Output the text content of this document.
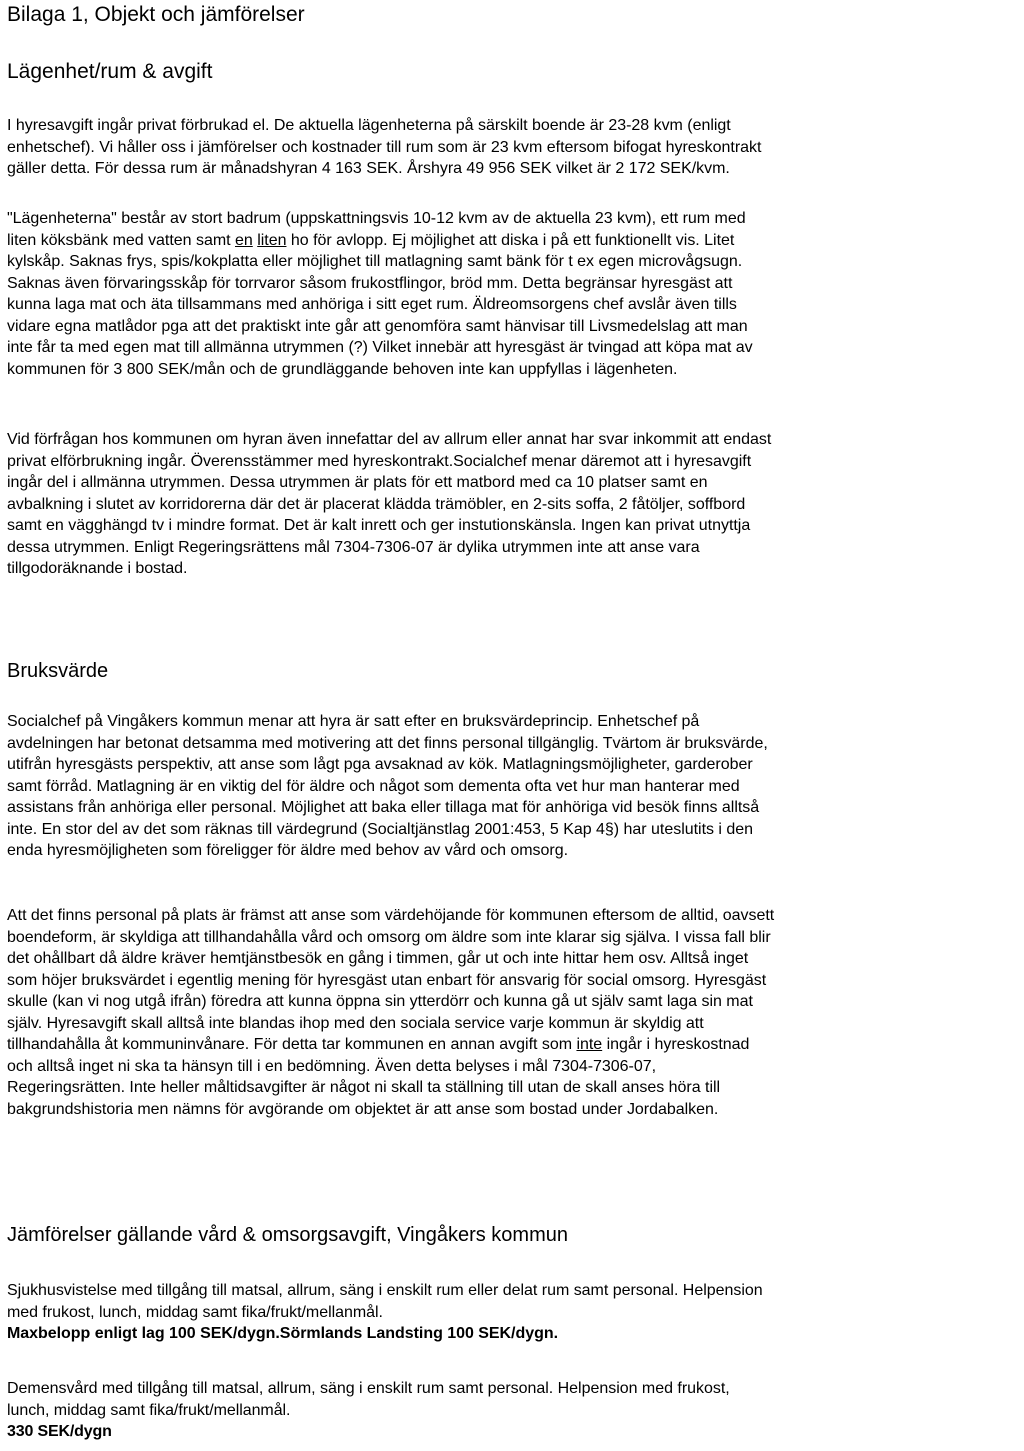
Bilaga 1, Objekt och jämförelser
Lägenhet/rum & avgift

I hyresavgift ingår privat förbrukad el. De aktuella lägenheterna på särskilt boende är 23-28 kvm (enligt
enhetschef). Vi håller oss i jämförelser och kostnader till rum som är 23 kvm eftersom bifogat hyreskontrakt
gäller detta. För dessa rum är månadshyran 4 163 SEK. Årshyra 49 956 SEK vilket är 2 172 SEK/kvm.

"Lägenheterna" består av stort badrum (uppskattningsvis 10-12 kvm av de aktuella 23 kvm), ett rum med
liten köksbänk med vatten samt en liten ho för avlopp. Ej möjlighet att diska i på ett funktionellt vis. Litet
kylskåp. Saknas frys, spis/kokplatta eller möjlighet till matlagning samt bänk för t ex egen microvågsugn.
Saknas även förvaringsskåp för torrvaror såsom frukostflingor, bröd mm. Detta begränsar hyresgäst att
kunna laga mat och äta tillsammans med anhöriga i sitt eget rum. Äldreomsorgens chef avslår även tills
vidare egna matlådor pga att det praktiskt inte går att genomföra samt hänvisar till Livsmedelslag att man
inte får ta med egen mat till allmänna utrymmen (?) Vilket innebär att hyresgäst är tvingad att köpa mat av
kommunen för 3 800 SEK/mån och de grundläggande behoven inte kan uppfyllas i lägenheten.

Vid förfrågan hos kommunen om hyran även innefattar del av allrum eller annat har svar inkommit att endast
privat elförbrukning ingår. Överensstämmer med hyreskontrakt.Socialchef menar däremot att i hyresavgift
ingår del i allmänna utrymmen. Dessa utrymmen är plats för ett matbord med ca 10 platser samt en
avbalkning i slutet av korridorerna där det är placerat klädda trämöbler, en 2-sits soffa, 2 fåtöljer, soffbord
samt en vägghängd tv i mindre format. Det är kalt inrett och ger instutionskänsla. Ingen kan privat utnyttja
dessa utrymmen. Enligt Regeringsrättens mål 7304-7306-07 är dylika utrymmen inte att anse vara
tillgodoräknande i bostad.

Bruksvärde

Socialchef på Vingåkers kommun menar att hyra är satt efter en bruksvärdeprincip. Enhetschef på
avdelningen har betonat detsamma med motivering att det finns personal tillgänglig. Tvärtom är bruksvärde,
utifrån hyresgästs perspektiv, att anse som lågt pga avsaknad av kök. Matlagningsmöjligheter, garderober
samt förråd. Matlagning är en viktig del för äldre och något som dementa ofta vet hur man hanterar med
assistans från anhöriga eller personal. Möjlighet att baka eller tillaga mat för anhöriga vid besök finns alltså
inte. En stor del av det som räknas till värdegrund (Socialtjänstlag 2001:453, 5 Kap 4§) har uteslutits i den
enda hyresmöjligheten som föreligger för äldre med behov av vård och omsorg.

Att det finns personal på plats är främst att anse som värdehöjande för kommunen eftersom de alltid, oavsett
boendeform, är skyldiga att tillhandahålla vård och omsorg om äldre som inte klarar sig själva. I vissa fall blir
det ohållbart då äldre kräver hemtjänstbesök en gång i timmen, går ut och inte hittar hem osv. Alltså inget
som höjer bruksvärdet i egentlig mening för hyresgäst utan enbart för ansvarig för social omsorg. Hyresgäst
skulle (kan vi nog utgå ifrån) föredra att kunna öppna sin ytterdörr och kunna gå ut själv samt laga sin mat
själv. Hyresavgift skall alltså inte blandas ihop med den sociala service varje kommun är skyldig att
tillhandahålla åt kommuninvånare. För detta tar kommunen en annan avgift som inte ingår i hyreskostnad
och alltså inget ni ska ta hänsyn till i en bedömning. Även detta belyses i mål 7304-7306-07,
Regeringsrätten. Inte heller måltidsavgifter är något ni skall ta ställning till utan de skall anses höra till
bakgrundshistoria men nämns för avgörande om objektet är att anse som bostad under Jordabalken.

Jämförelser gällande vård & omsorgsavgift, Vingåkers kommun

Sjukhusvistelse med tillgång till matsal, allrum, säng i enskilt rum eller delat rum samt personal. Helpension
med frukost, lunch, middag samt fika/frukt/mellanmål.
Maxbelopp enligt lag 100 SEK/dygn.Sörmlands Landsting 100 SEK/dygn.

Demensvård med tillgång till matsal, allrum, säng i enskilt rum samt personal. Helpension med frukost,
lunch, middag samt fika/frukt/mellanmål.
330 SEK/dygn
